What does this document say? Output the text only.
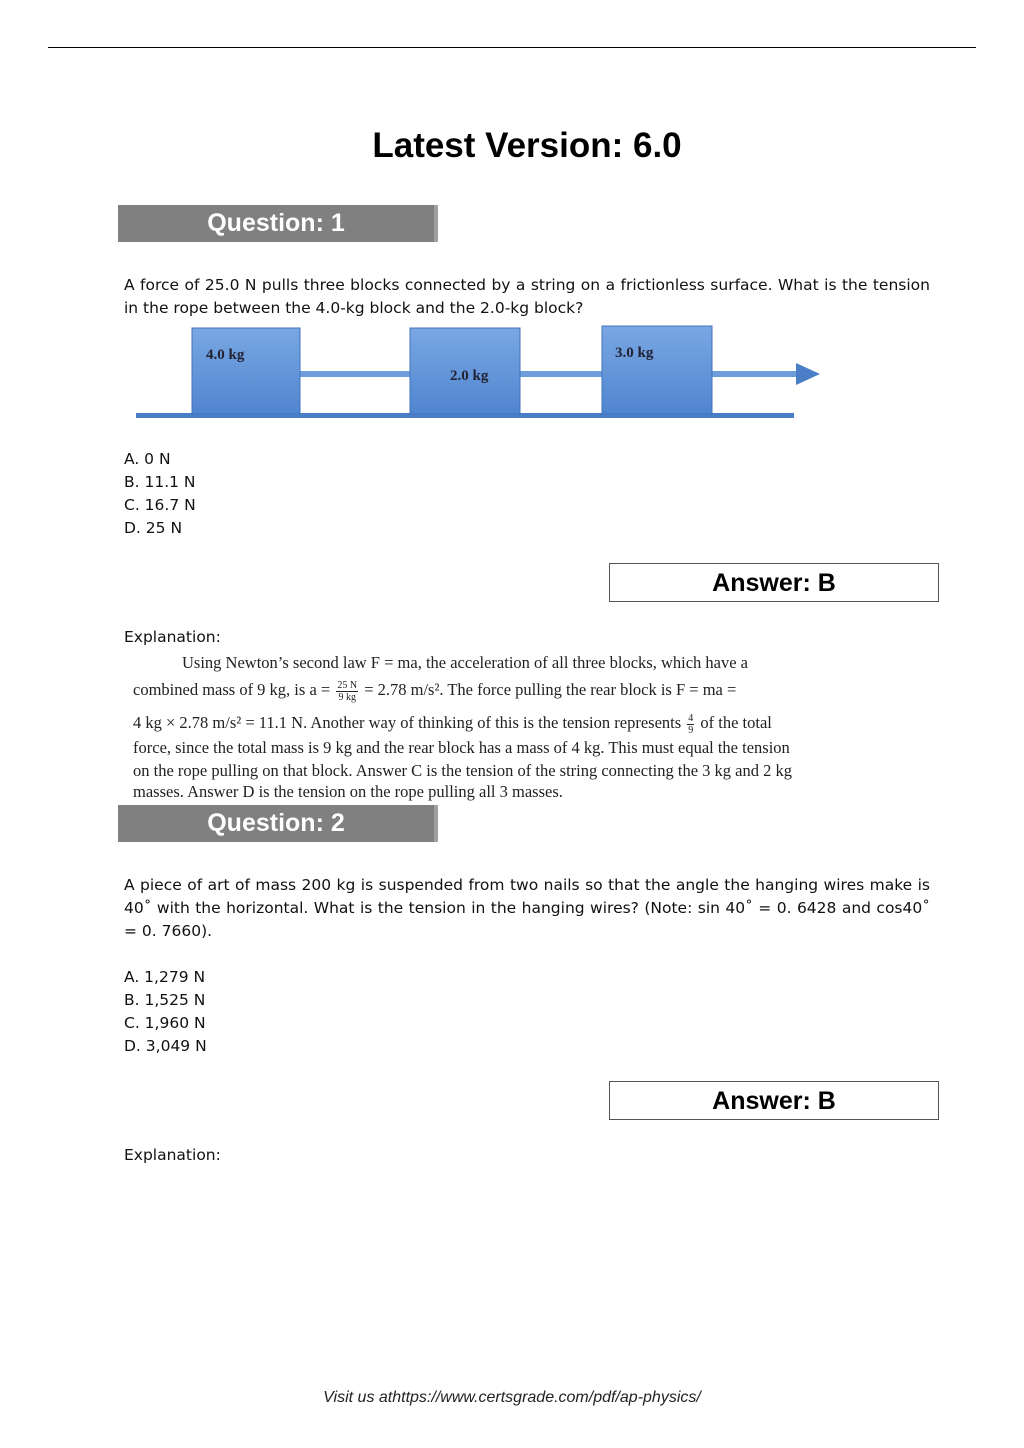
Latest Version: 6.0
Question: 1
A force of 25.0 N pulls three blocks connected by a string on a frictionless surface. What is the tension in the rope between the 4.0-kg block and the 2.0-kg block?
4.0 kg
2.0 kg
3.0 kg
A. 0 N
B. 11.1 N
C. 16.7 N
D. 25 N
Answer: B
Explanation:
Using Newton’s second law F = ma, the acceleration of all three blocks, which have a
combined mass of 9 kg, is $a = \frac{25 N}{9 kg} = 2.78$ m/s². The force pulling the rear block is F = ma =
4 kg × 2.78 m/s² = 11.1 N. Another way of thinking of this is the tension represents $\frac{4}{9}$ of the total
force, since the total mass is 9 kg and the rear block has a mass of 4 kg. This must equal the tension
on the rope pulling on that block. Answer C is the tension of the string connecting the 3 kg and 2 kg
masses. Answer D is the tension on the rope pulling all 3 masses.
Question: 2
A piece of art of mass 200 kg is suspended from two nails so that the angle the hanging wires make is 40˚ with the horizontal. What is the tension in the hanging wires? (Note: sin 40˚ = 0. 6428 and cos40˚ = 0. 7660).
A. 1,279 N
B. 1,525 N
C. 1,960 N
D. 3,049 N
Answer: B
Explanation:
Visit us athttps://www.certsgrade.com/pdf/ap-physics/
